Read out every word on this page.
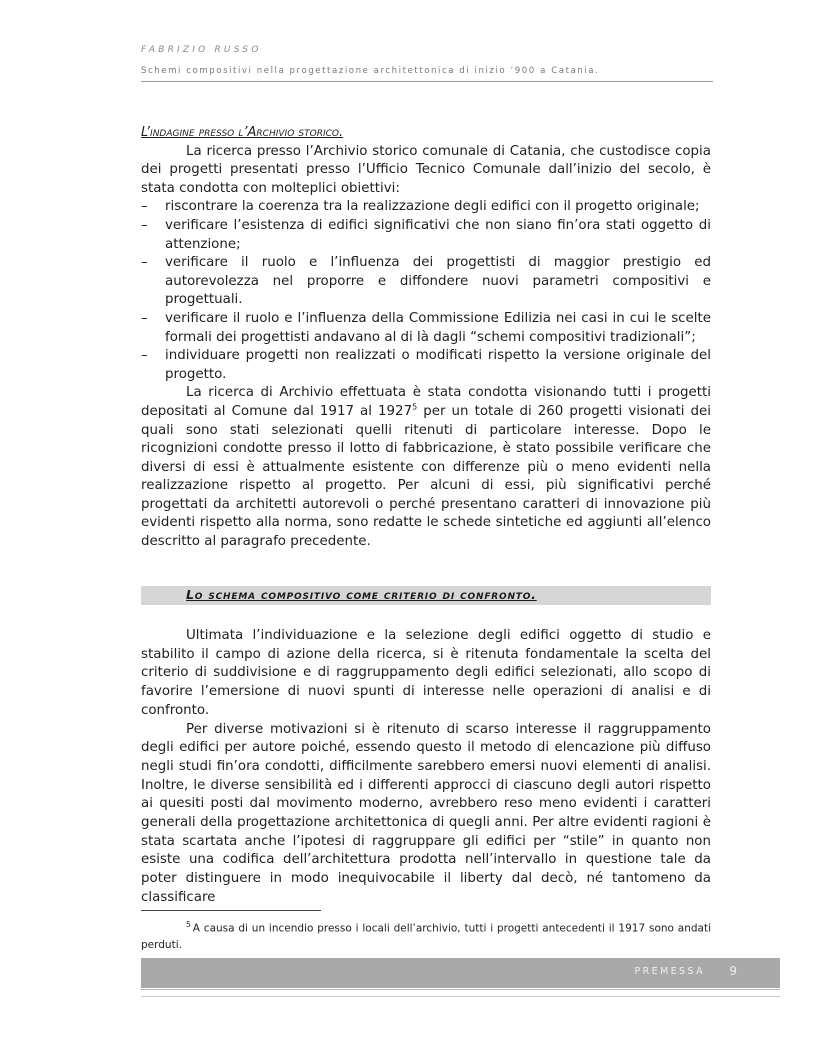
FABRIZIO RUSSO
Schemi compositivi nella progettazione architettonica di inizio ’900 a Catania.

L’indagine presso l’Archivio storico.

La ricerca presso l’Archivio storico comunale di Catania, che custodisce copia dei progetti presentati presso l’Ufficio Tecnico Comunale dall’inizio del secolo, è stata condotta con molteplici obiettivi:

– riscontrare la coerenza tra la realizzazione degli edifici con il progetto originale;
– verificare l’esistenza di edifici significativi che non siano fin’ora stati oggetto di attenzione;
– verificare il ruolo e l’influenza dei progettisti di maggior prestigio ed autorevolezza nel proporre e diffondere nuovi parametri compositivi e progettuali.
– verificare il ruolo e l’influenza della Commissione Edilizia nei casi in cui le scelte formali dei progettisti andavano al di là dagli “schemi compositivi tradizionali”;
– individuare progetti non realizzati o modificati rispetto la versione originale del progetto.

La ricerca di Archivio effettuata è stata condotta visionando tutti i progetti depositati al Comune dal 1917 al 1927$^5$ per un totale di 260 progetti visionati dei quali sono stati selezionati quelli ritenuti di particolare interesse. Dopo le ricognizioni condotte presso il lotto di fabbricazione, è stato possibile verificare che diversi di essi è attualmente esistente con differenze più o meno evidenti nella realizzazione rispetto al progetto. Per alcuni di essi, più significativi perché progettati da architetti autorevoli o perché presentano caratteri di innovazione più evidenti rispetto alla norma, sono redatte le schede sintetiche ed aggiunti all’elenco descritto al paragrafo precedente.

Lo schema compositivo come criterio di confronto.

Ultimata l’individuazione e la selezione degli edifici oggetto di studio e stabilito il campo di azione della ricerca, si è ritenuta fondamentale la scelta del criterio di suddivisione e di raggruppamento degli edifici selezionati, allo scopo di favorire l’emersione di nuovi spunti di interesse nelle operazioni di analisi e di confronto.

Per diverse motivazioni si è ritenuto di scarso interesse il raggruppamento degli edifici per autore poiché, essendo questo il metodo di elencazione più diffuso negli studi fin’ora condotti, difficilmente sarebbero emersi nuovi elementi di analisi. Inoltre, le diverse sensibilità ed i differenti approcci di ciascuno degli autori rispetto ai quesiti posti dal movimento moderno, avrebbero reso meno evidenti i caratteri generali della progettazione architettonica di quegli anni. Per altre evidenti ragioni è stata scartata anche l’ipotesi di raggruppare gli edifici per “stile” in quanto non esiste una codifica dell’architettura prodotta nell’intervallo in questione tale da poter distinguere in modo inequivocabile il liberty dal decò, né tantomeno da classificare

$^5$ A causa di un incendio presso i locali dell’archivio, tutti i progetti antecedenti il 1917 sono andati perduti.
PREMESSA 9
